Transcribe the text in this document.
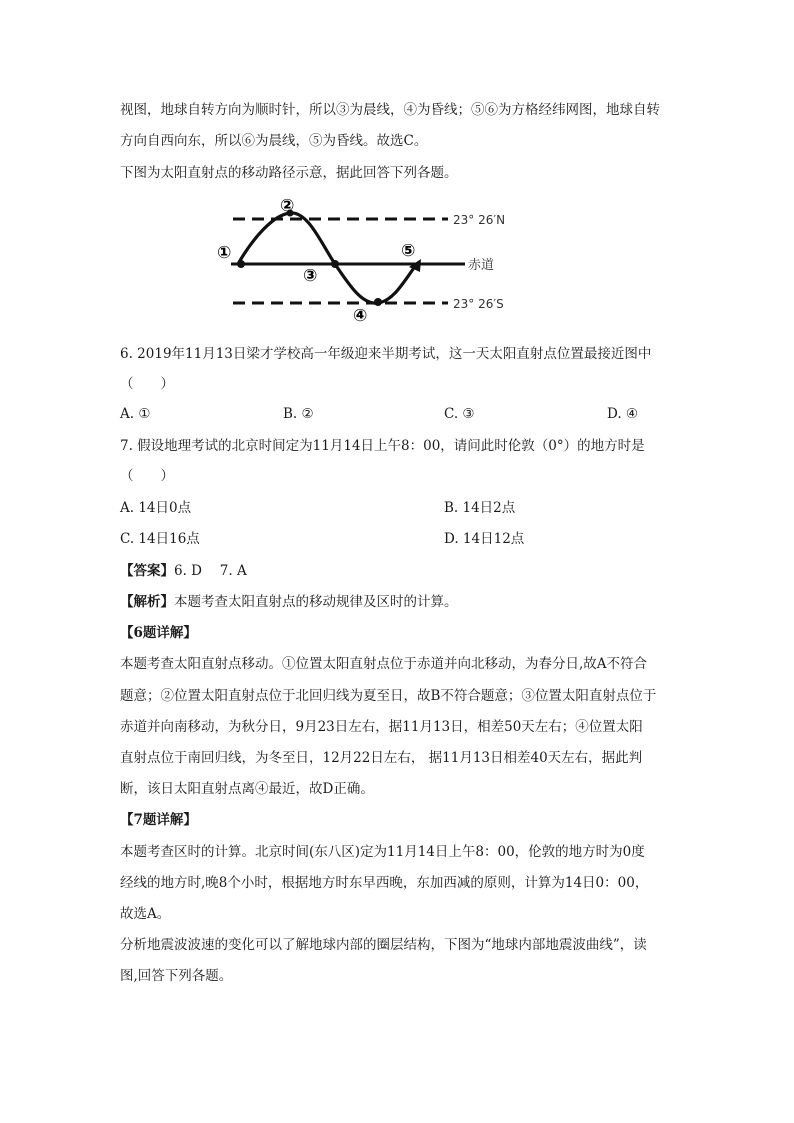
视图，地球自转方向为顺时针，所以③为晨线，④为昏线；⑤⑥为方格经纬网图，地球自转
方向自西向东，所以⑥为晨线，⑤为昏线。故选C。
下图为太阳直射点的移动路径示意，据此回答下列各题。
①
②
③
④
⑤
23° 26′N
赤道
23° 26′S
6. 2019年11月13日梁才学校高一年级迎来半期考试，这一天太阳直射点位置最接近图中
（　　）
A. ①	B. ②	C. ③	D. ④
7. 假设地理考试的北京时间定为11月14日上午8：00，请问此时伦敦（0°）的地方时是
（　　）
A. 14日0点	B. 14日2点
C. 14日16点	D. 14日12点
【答案】6. D　 7. A
【解析】本题考查太阳直射点的移动规律及区时的计算。
【6题详解】
本题考查太阳直射点移动。①位置太阳直射点位于赤道并向北移动，为春分日,故A不符合
题意；②位置太阳直射点位于北回归线为夏至日，故B不符合题意；③位置太阳直射点位于
赤道并向南移动，为秋分日，9月23日左右，据11月13日，相差50天左右；④位置太阳
直射点位于南回归线，为冬至日，12月22日左右， 据11月13日相差40天左右，据此判
断，该日太阳直射点离④最近，故D正确。
【7题详解】
本题考查区时的计算。北京时间(东八区)定为11月14日上午8：00，伦敦的地方时为0度
经线的地方时,晚8个小时，根据地方时东早西晚，东加西减的原则，计算为14日0：00，
故选A。
分析地震波波速的变化可以了解地球内部的圈层结构，下图为“地球内部地震波曲线”，读
图,回答下列各题。
